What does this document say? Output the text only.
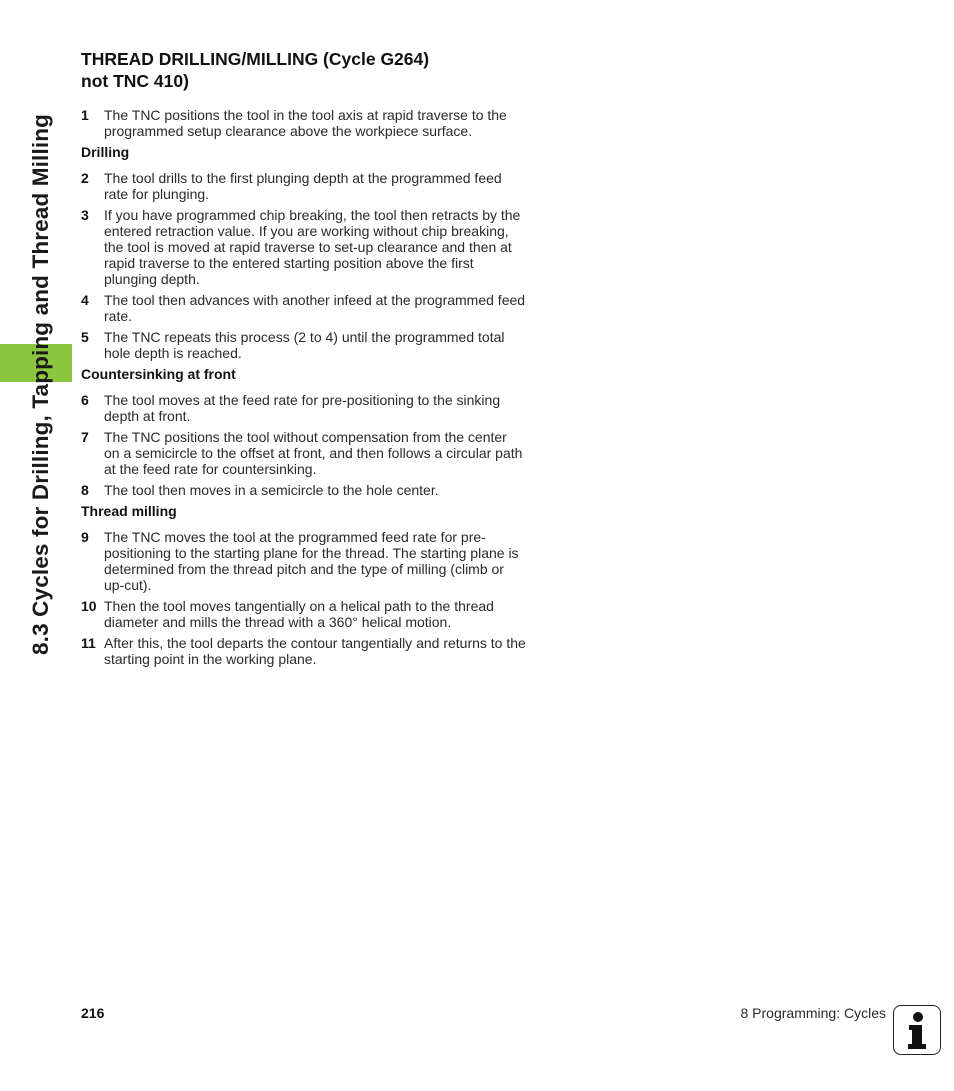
8.3 Cycles for Drilling, Tapping and Thread Milling
THREAD DRILLING/MILLING (Cycle G264)
not TNC 410)
1	The TNC positions the tool in the tool axis at rapid traverse to the programmed setup clearance above the workpiece surface.
Drilling
2	The tool drills to the first plunging depth at the programmed feed rate for plunging.
3	If you have programmed chip breaking, the tool then retracts by the entered retraction value. If you are working without chip breaking, the tool is moved at rapid traverse to set-up clearance and then at rapid traverse to the entered starting position above the first plunging depth.
4	The tool then advances with another infeed at the programmed feed rate.
5	The TNC repeats this process (2 to 4) until the programmed total hole depth is reached.
Countersinking at front
6	The tool moves at the feed rate for pre-positioning to the sinking depth at front.
7	The TNC positions the tool without compensation from the center on a semicircle to the offset at front, and then follows a circular path at the feed rate for countersinking.
8	The tool then moves in a semicircle to the hole center.
Thread milling
9	The TNC moves the tool at the programmed feed rate for pre-positioning to the starting plane for the thread. The starting plane is determined from the thread pitch and the type of milling (climb or up-cut).
10 Then the tool moves tangentially on a helical path to the thread diameter and mills the thread with a 360° helical motion.
11 After this, the tool departs the contour tangentially and returns to the starting point in the working plane.
216	8 Programming: Cycles
